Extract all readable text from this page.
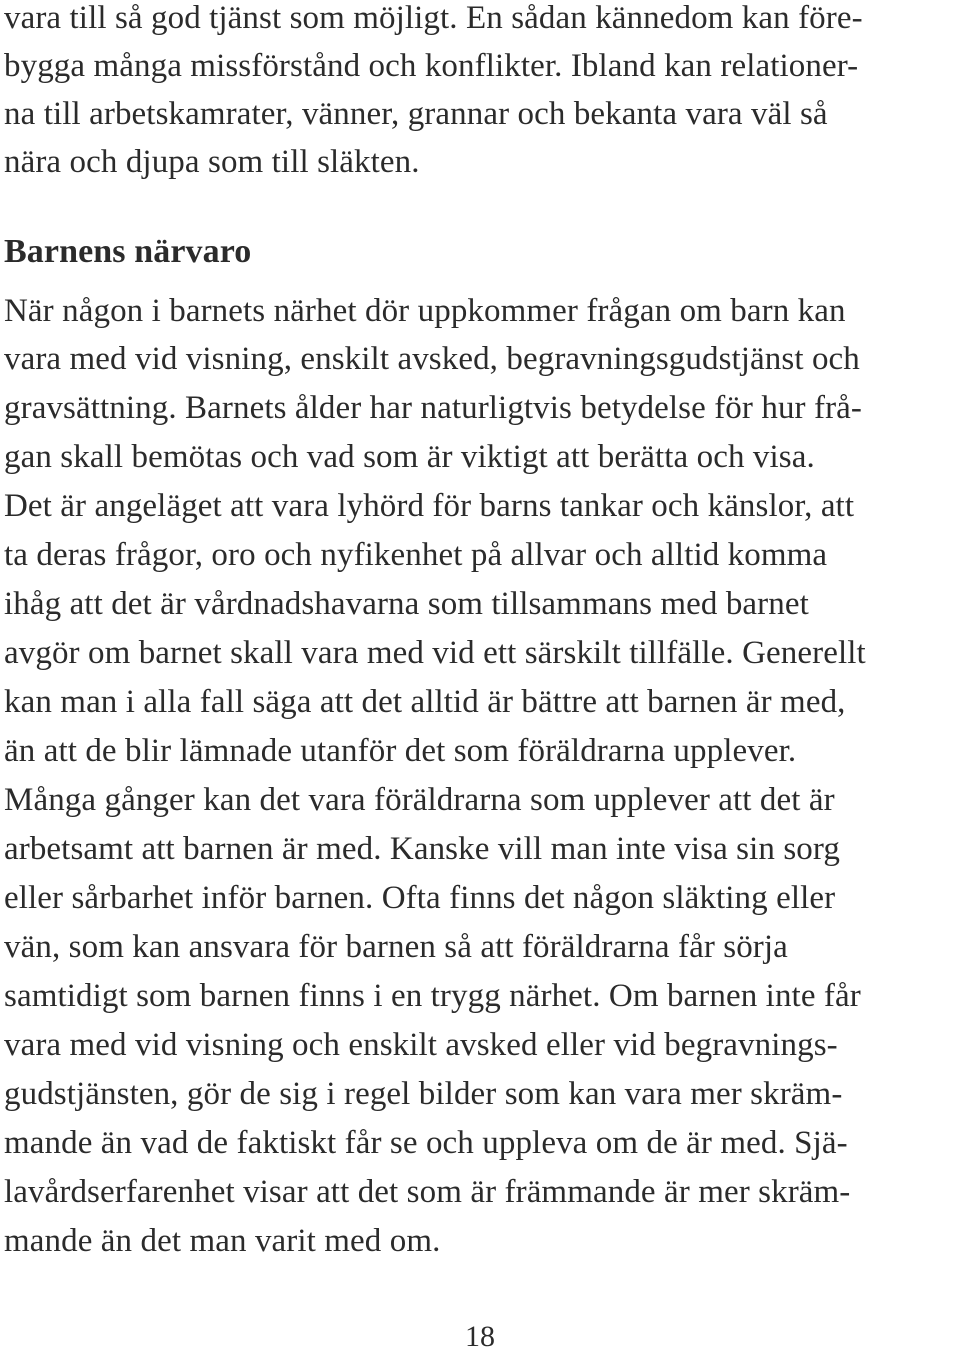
vara till så god tjänst som möjligt. En sådan kännedom kan före-
bygga många missförstånd och konflikter. Ibland kan relationer-
na till arbetskamrater, vänner, grannar och bekanta vara väl så
nära och djupa som till släkten.
Barnens närvaro
När någon i barnets närhet dör uppkommer frågan om barn kan
vara med vid visning, enskilt avsked, begravningsgudstjänst och
gravsättning. Barnets ålder har naturligtvis betydelse för hur frå-
gan skall bemötas och vad som är viktigt att berätta och visa.
Det är angeläget att vara lyhörd för barns tankar och känslor, att
ta deras frågor, oro och nyfikenhet på allvar och alltid komma
ihåg att det är vårdnadshavarna som tillsammans med barnet
avgör om barnet skall vara med vid ett särskilt tillfälle. Generellt
kan man i alla fall säga att det alltid är bättre att barnen är med,
än att de blir lämnade utanför det som föräldrarna upplever.
Många gånger kan det vara föräldrarna som upplever att det är
arbetsamt att barnen är med. Kanske vill man inte visa sin sorg
eller sårbarhet inför barnen. Ofta finns det någon släkting eller
vän, som kan ansvara för barnen så att föräldrarna får sörja
samtidigt som barnen finns i en trygg närhet. Om barnen inte får
vara med vid visning och enskilt avsked eller vid begravnings-
gudstjänsten, gör de sig i regel bilder som kan vara mer skräm-
mande än vad de faktiskt får se och uppleva om de är med. Sjä-
lavårdserfarenhet visar att det som är främmande är mer skräm-
mande än det man varit med om.
18
